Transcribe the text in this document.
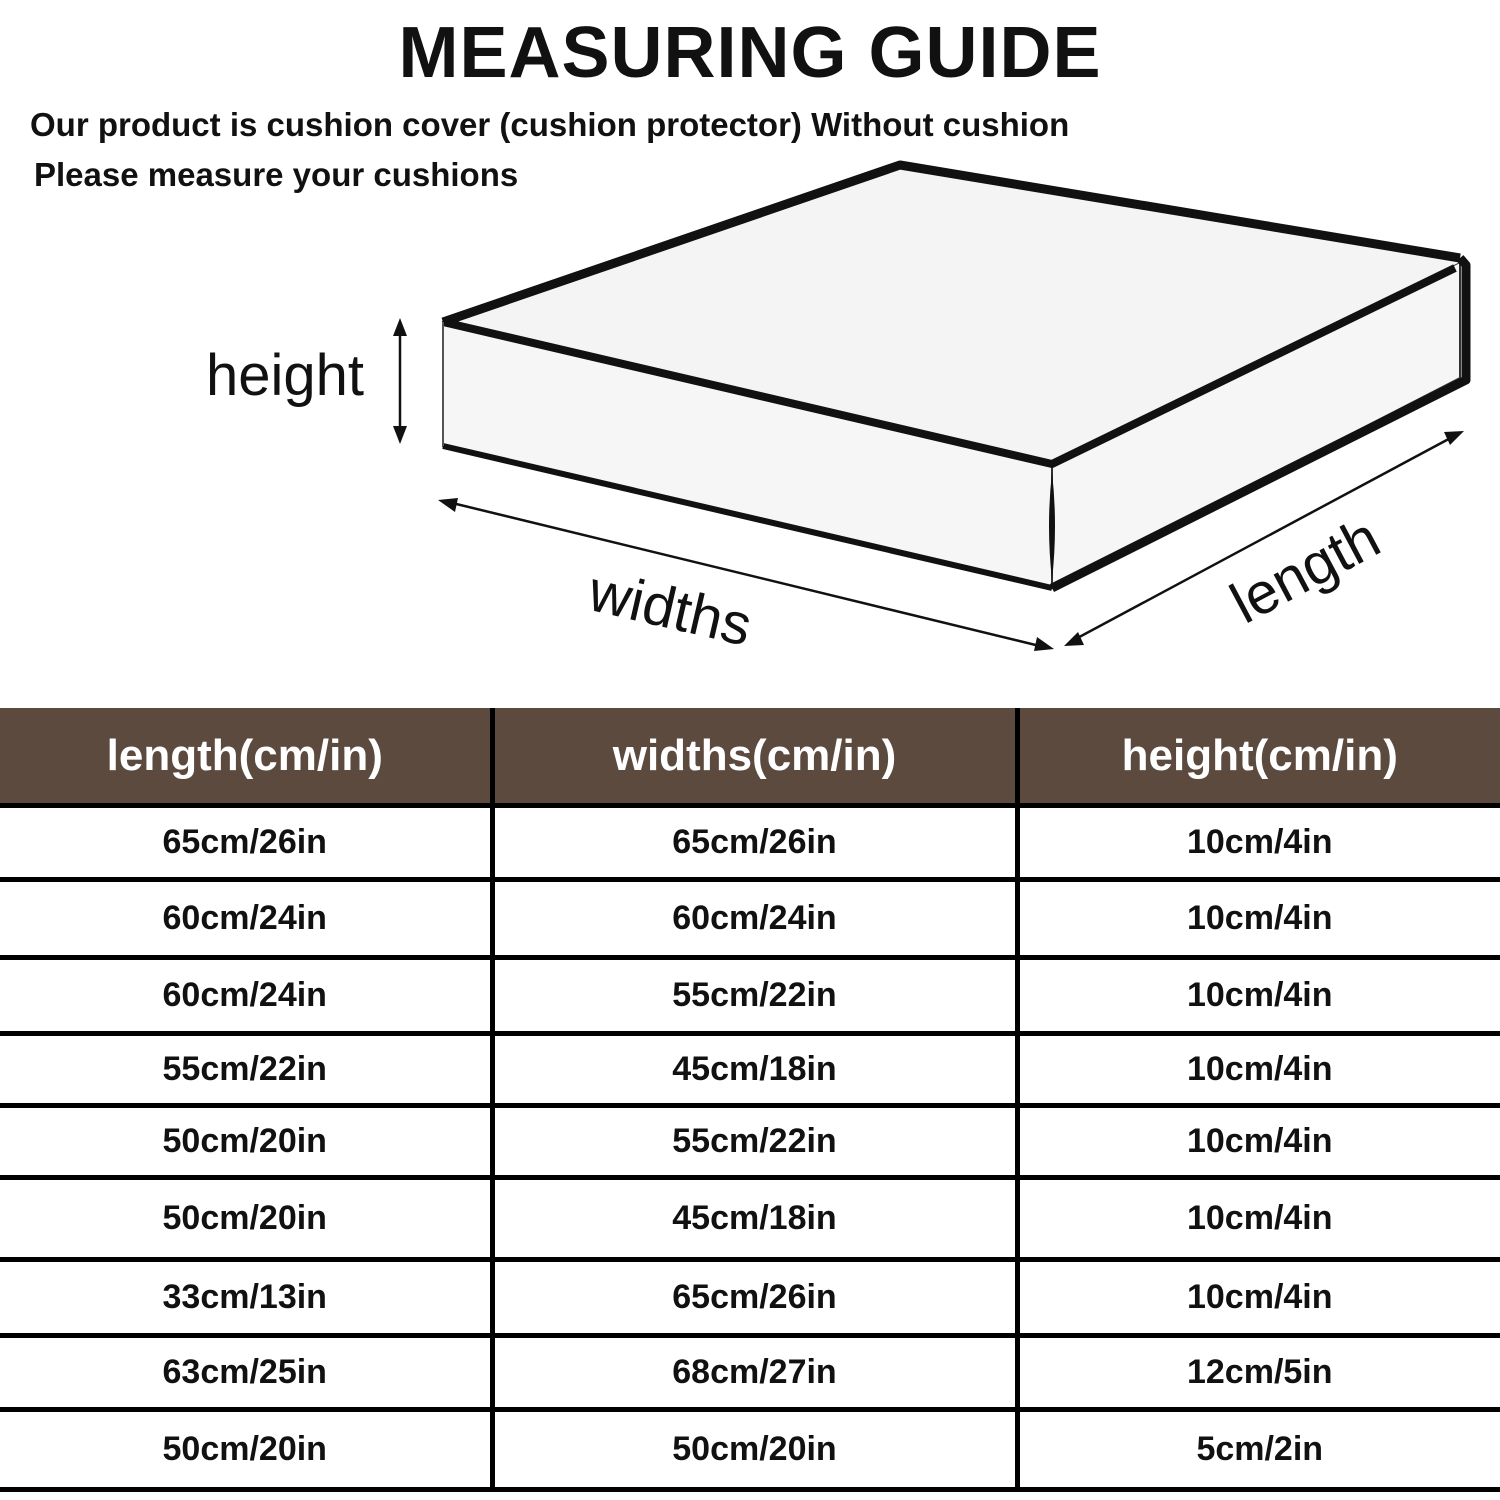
MEASURING GUIDE
Our product is cushion cover (cushion protector) Without cushion
Please measure your cushions
height
widths	length
length(cm/in)	widths(cm/in)	height(cm/in)
65cm/26in	65cm/26in	10cm/4in
60cm/24in	60cm/24in	10cm/4in
60cm/24in	55cm/22in	10cm/4in
55cm/22in	45cm/18in	10cm/4in
50cm/20in	55cm/22in	10cm/4in
50cm/20in	45cm/18in	10cm/4in
33cm/13in	65cm/26in	10cm/4in
63cm/25in	68cm/27in	12cm/5in
50cm/20in	50cm/20in	5cm/2in
